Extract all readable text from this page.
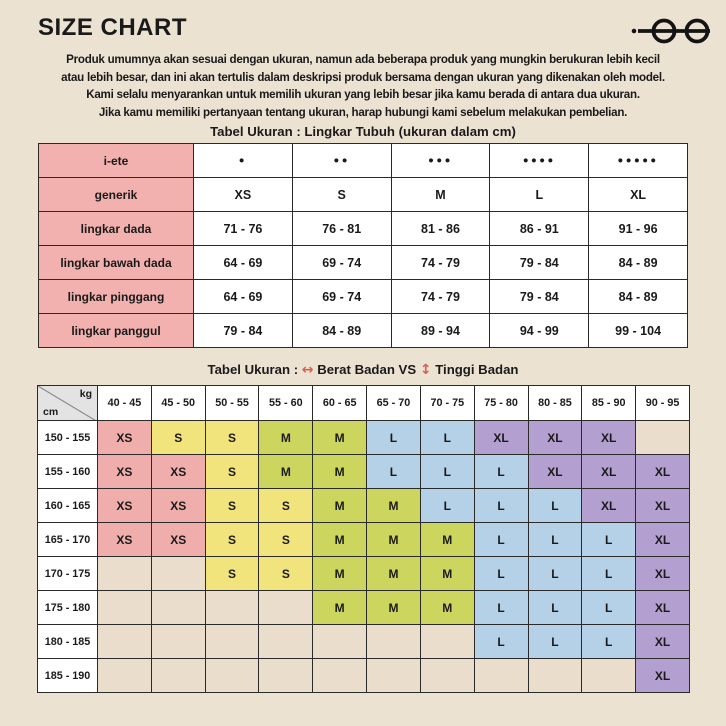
SIZE CHART
Produk umumnya akan sesuai dengan ukuran, namun ada beberapa produk yang mungkin berukuran lebih kecil
atau lebih besar, dan ini akan tertulis dalam deskripsi produk bersama dengan ukuran yang dikenakan oleh model.
Kami selalu menyarankan untuk memilih ukuran yang lebih besar jika kamu berada di antara dua ukuran.
Jika kamu memiliki pertanyaan tentang ukuran, harap hubungi kami sebelum melakukan pembelian.
Tabel Ukuran : Lingkar Tubuh (ukuran dalam cm)
i-ete	●	●●	●●●	●●●●	●●●●●
generik	XS	S	M	L	XL
lingkar dada	71 - 76	76 - 81	81 - 86	86 - 91	91 - 96
lingkar bawah dada	64 - 69	69 - 74	74 - 79	79 - 84	84 - 89
lingkar pinggang	64 - 69	69 - 74	74 - 79	79 - 84	84 - 89
lingkar panggul	79 - 84	84 - 89	89 - 94	94 - 99	99 - 104
Tabel Ukuran : ↔ Berat Badan VS ↕ Tinggi Badan
kg
cm	40 - 45	45 - 50	50 - 55	55 - 60	60 - 65	65 - 70	70 - 75	75 - 80	80 - 85	85 - 90	90 - 95
150 - 155	XS	S	S	M	M	L	L	XL	XL	XL	
155 - 160	XS	XS	S	M	M	L	L	L	XL	XL	XL
160 - 165	XS	XS	S	S	M	M	L	L	L	XL	XL
165 - 170	XS	XS	S	S	M	M	M	L	L	L	XL
170 - 175			S	S	M	M	M	L	L	L	XL
175 - 180					M	M	M	L	L	L	XL
180 - 185								L	L	L	XL
185 - 190											XL
